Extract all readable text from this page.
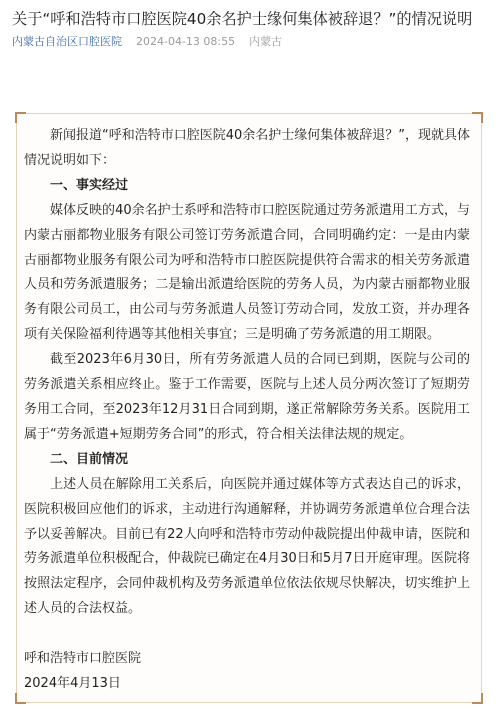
关于“呼和浩特市口腔医院40余名护士缘何集体被辞退？”的情况说明
内蒙古自治区口腔医院 2024-04-13 08:55 内蒙古

新闻报道“呼和浩特市口腔医院40余名护士缘何集体被辞退？”，现就具体情况说明如下：

一、事实经过

媒体反映的40余名护士系呼和浩特市口腔医院通过劳务派遣用工方式，与内蒙古丽都物业服务有限公司签订劳务派遣合同，合同明确约定：一是由内蒙古丽都物业服务有限公司为呼和浩特市口腔医院提供符合需求的相关劳务派遣人员和劳务派遣服务；二是输出派遣给医院的劳务人员，为内蒙古丽都物业服务有限公司员工，由公司与劳务派遣人员签订劳动合同，发放工资，并办理各项有关保险福利待遇等其他相关事宜；三是明确了劳务派遣的用工期限。

截至2023年6月30日，所有劳务派遣人员的合同已到期，医院与公司的劳务派遣关系相应终止。鉴于工作需要，医院与上述人员分两次签订了短期劳务用工合同，至2023年12月31日合同到期，遂正常解除劳务关系。医院用工属于“劳务派遣+短期劳务合同”的形式，符合相关法律法规的规定。

二、目前情况

上述人员在解除用工关系后，向医院并通过媒体等方式表达自己的诉求，医院积极回应他们的诉求，主动进行沟通解释，并协调劳务派遣单位合理合法予以妥善解决。目前已有22人向呼和浩特市劳动仲裁院提出仲裁申请，医院和劳务派遣单位积极配合，仲裁院已确定在4月30日和5月7日开庭审理。医院将按照法定程序，会同仲裁机构及劳务派遣单位依法依规尽快解决，切实维护上述人员的合法权益。

呼和浩特市口腔医院

2024年4月13日
